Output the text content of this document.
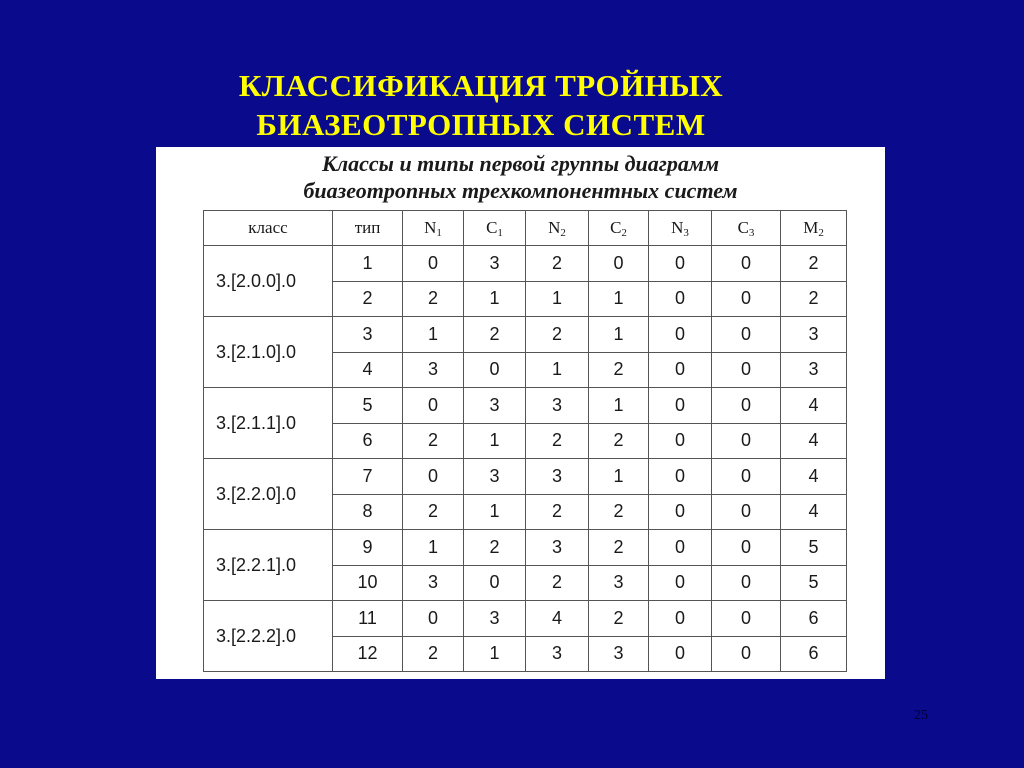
КЛАССИФИКАЦИЯ ТРОЙНЫХ
БИАЗЕОТРОПНЫХ СИСТЕМ
Классы и типы первой группы диаграмм
биазеотропных трехкомпонентных систем
класс	тип	$N_1$	$C_1$	$N_2$	$C_2$	$N_3$	$C_3$	$M_2$
3.[2.0.0].0	1	0	3	2	0	0	0	2
	2	2	1	1	1	0	0	2
3.[2.1.0].0	3	1	2	2	1	0	0	3
	4	3	0	1	2	0	0	3
3.[2.1.1].0	5	0	3	3	1	0	0	4
	6	2	1	2	2	0	0	4
3.[2.2.0].0	7	0	3	3	1	0	0	4
	8	2	1	2	2	0	0	4
3.[2.2.1].0	9	1	2	3	2	0	0	5
	10	3	0	2	3	0	0	5
3.[2.2.2].0	11	0	3	4	2	0	0	6
	12	2	1	3	3	0	0	6
25
